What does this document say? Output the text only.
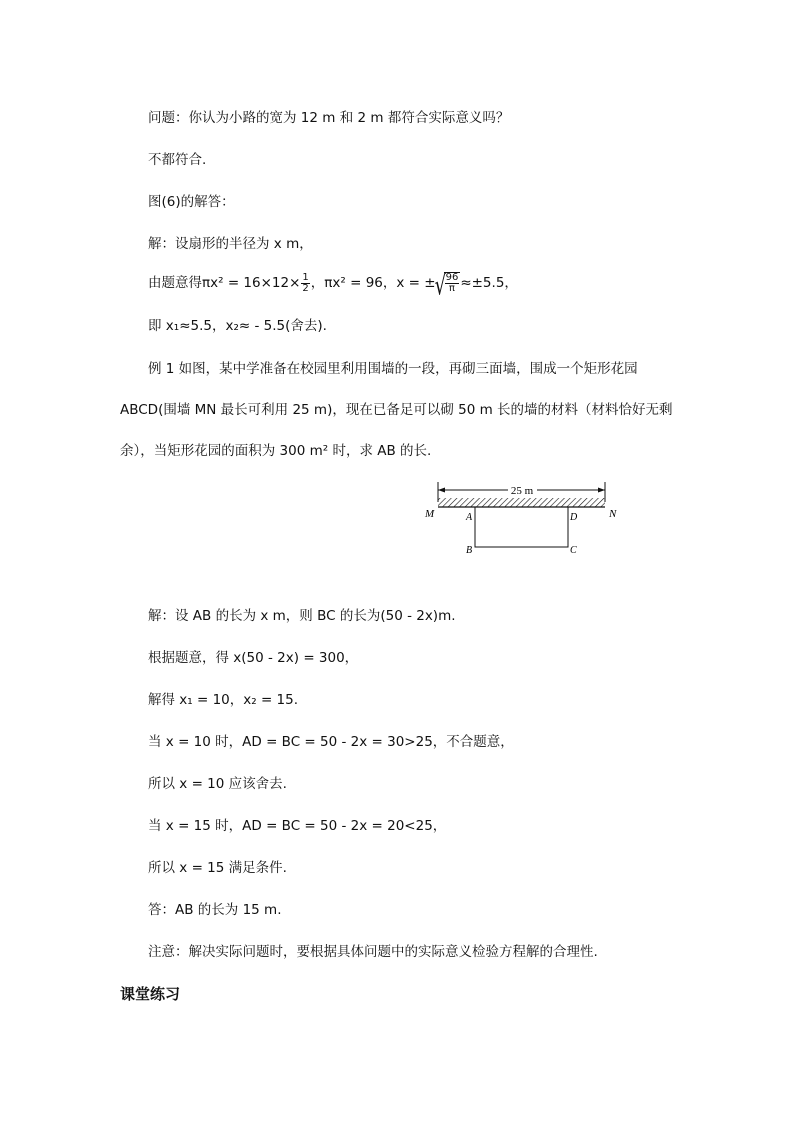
问题：你认为小路的宽为 12 m 和 2 m 都符合实际意义吗？
不都符合.
图(6)的解答：
解：设扇形的半径为 x m，
由题意得$\pi x^2 = 16\times 12\times \frac{1}{2}$ ，πx² = 96，x = ±
√ $\frac{96}{\pi} \approx\pm 5.5$，
即 x₁≈5.5，x₂≈ - 5.5(舍去).
例 1 如图，某中学准备在校园里利用围墙的一段，再砌三面墙，围成一个矩形花园
ABCD(围墙 MN 最长可利用 25 m)，现在已备足可以砌 50 m 长的墙的材料（材料恰好无剩
余），当矩形花园的面积为 300 m² 时，求 AB 的长.
25 m
M	N
A	D
B	C
解：设 AB 的长为 x m，则 BC 的长为(50 - 2x)m.
根据题意，得 x(50 - 2x) = 300，
解得 x₁ = 10，x₂ = 15.
当 x = 10 时，AD = BC = 50 - 2x = 30>25，不合题意，
所以 x = 10 应该舍去.
当 x = 15 时，AD = BC = 50 - 2x = 20<25，
所以 x = 15 满足条件.
答：AB 的长为 15 m.
注意：解决实际问题时，要根据具体问题中的实际意义检验方程解的合理性.
课堂练习
